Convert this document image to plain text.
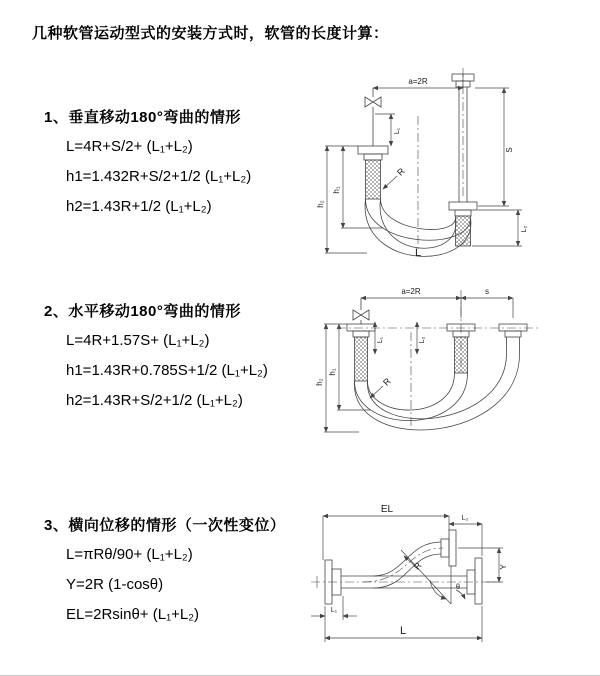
几种软管运动型式的安装方式时，软管的长度计算：
1、垂直移动180°弯曲的情形
L=4R+S/2+ (L₁+L₂)
h1=1.432R+S/2+1/2 (L₁+L₂)
h2=1.43R+1/2 (L₁+L₂)
2、水平移动180°弯曲的情形
L=4R+1.57S+ (L₁+L₂)
h1=1.43R+0.785S+1/2 (L₁+L₂)
h2=1.43R+S/2+1/2 (L₁+L₂)
3、横向位移的情形（一次性变位）
L=πRθ/90+ (L₁+L₂)
Y=2R (1-cosθ)
EL=2Rsinθ+ (L₁+L₂)
a=2R
h₁
h₂
L₁
S
L₂
R
L
a=2R	s
h₂
h₁
L₁	L₂
R
EL
L₂
Y
R
θ
L
L₁
